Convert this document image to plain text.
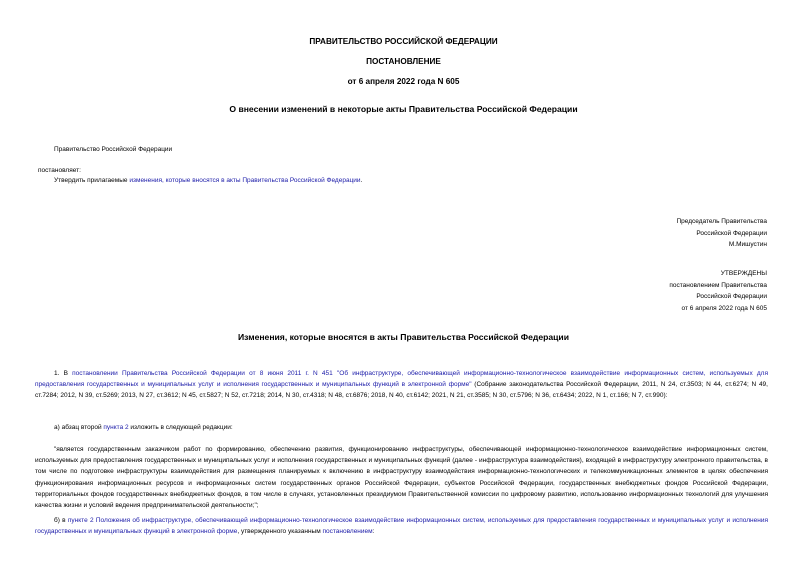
ПРАВИТЕЛЬСТВО РОССИЙСКОЙ ФЕДЕРАЦИИ
ПОСТАНОВЛЕНИЕ
от 6 апреля 2022 года N 605
О внесении изменений в некоторые акты Правительства Российской Федерации
Правительство Российской Федерации
постановляет:
Утвердить прилагаемые изменения, которые вносятся в акты Правительства Российской Федерации.
Председатель Правительства
Российской Федерации
М.Мишустин
УТВЕРЖДЕНЫ
постановлением Правительства
Российской Федерации
от 6 апреля 2022 года N 605
Изменения, которые вносятся в акты Правительства Российской Федерации
1. В постановлении Правительства Российской Федерации от 8 июня 2011 г. N 451 "Об инфраструктуре, обеспечивающей информационно-технологическое взаимодействие информационных систем, используемых для предоставления государственных и муниципальных услуг и исполнения государственных и муниципальных функций в электронной форме" (Собрание законодательства Российской Федерации, 2011, N 24, ст.3503; N 44, ст.6274; N 49, ст.7284; 2012, N 39, ст.5269; 2013, N 27, ст.3612; N 45, ст.5827; N 52, ст.7218; 2014, N 30, ст.4318; N 48, ст.6876; 2018, N 40, ст.6142; 2021, N 21, ст.3585; N 30, ст.5796; N 36, ст.6434; 2022, N 1, ст.166; N 7, ст.990):
а) абзац второй пункта 2 изложить в следующей редакции:
"является государственным заказчиком работ по формированию, обеспечению развития, функционированию инфраструктуры, обеспечивающей информационно-технологическое взаимодействие информационных систем, используемых для предоставления государственных и муниципальных услуг и исполнения государственных и муниципальных функций (далее - инфраструктура взаимодействия), входящей в инфраструктуру электронного правительства, в том числе по подготовке инфраструктуры взаимодействия для размещения планируемых к включению в инфраструктуру взаимодействия информационно-технологических и телекоммуникационных элементов в целях обеспечения функционирования информационных ресурсов и информационных систем государственных органов Российской Федерации, субъектов Российской Федерации, государственных внебюджетных фондов Российской Федерации, территориальных фондов государственных внебюджетных фондов, в том числе в случаях, установленных президиумом Правительственной комиссии по цифровому развитию, использованию информационных технологий для улучшения качества жизни и условий ведения предпринимательской деятельности;";
б) в пункте 2 Положения об инфраструктуре, обеспечивающей информационно-технологическое взаимодействие информационных систем, используемых для предоставления государственных и муниципальных услуг и исполнения государственных и муниципальных функций в электронной форме, утвержденного указанным постановлением:
